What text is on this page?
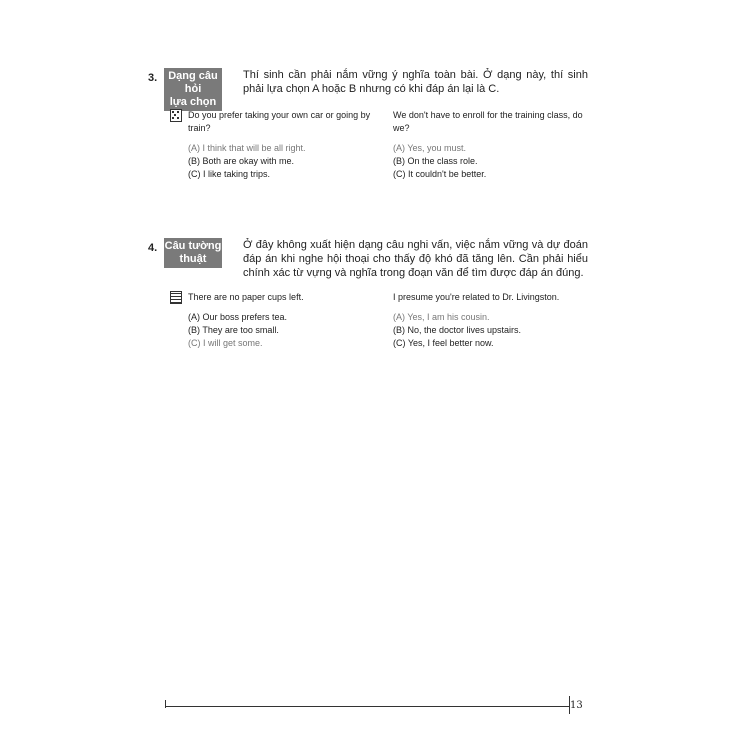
3.	Dạng câu hỏi
lựa chọn
Thí sinh cần phải nắm vững ý nghĩa toàn bài. Ở dạng này, thí sinh phải lựa chọn A hoặc B nhưng có khi đáp án lại là C.

Do you prefer taking your own car or going by train?

(A) I think that will be all right.

(B) Both are okay with me.

(C) I like taking trips.

We don't have to enroll for the training class, do we?

(A) Yes, you must.

(B) On the class role.

(C) It couldn't be better.

4. Câu tường
thuật
Ở đây không xuất hiện dạng câu nghi vấn, việc nắm vững và dự đoán đáp án khi nghe hội thoại cho thấy độ khó đã tăng lên. Cần phải hiểu chính xác từ vựng và nghĩa trong đoạn văn để tìm được đáp án đúng.

There are no paper cups left.

(A) Our boss prefers tea.

(B) They are too small.

(C) I will get some.

I presume you're related to Dr. Livingston.

(A) Yes, I am his cousin.

(B) No, the doctor lives upstairs.

(C) Yes, I feel better now.

13
